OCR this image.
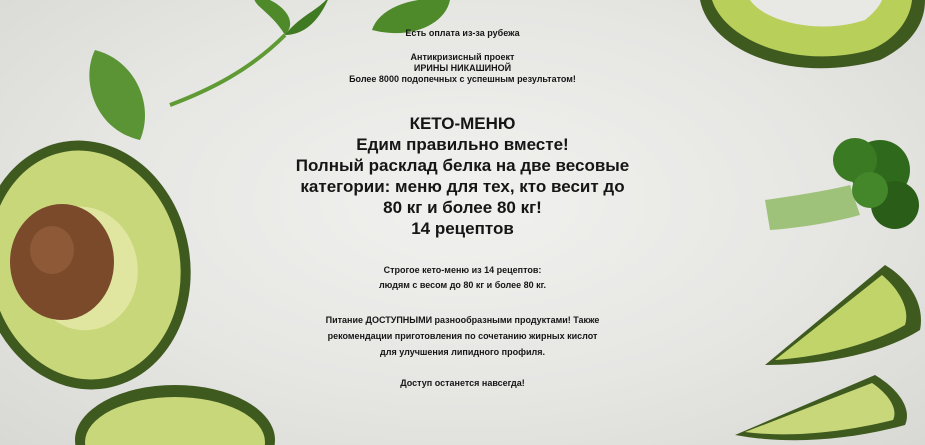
Есть оплата из-за рубежа

Антикризисный проект

ИРИНЫ НИКАШИНОЙ

Более 8000 подопечных с успешным результатом!

КЕТО-МЕНЮ

Едим правильно вместе!

Полный расклад белка на две весовые

категории: меню для тех, кто весит до

80 кг и более 80 кг!

14 рецептов

Строгое кето-меню из 14 рецептов:

людям с весом до 80 кг и более 80 кг.

Питание ДОСТУПНЫМИ разнообразными продуктами! Также

рекомендации приготовления по сочетанию жирных кислот

для улучшения липидного профиля.

Доступ останется навсегда!
